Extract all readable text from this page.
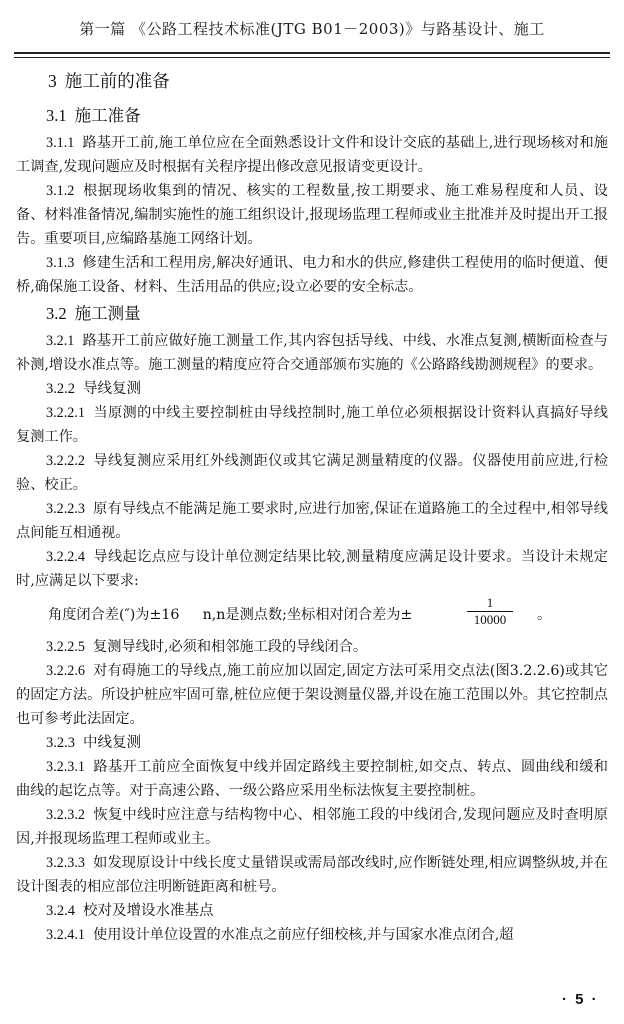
第一篇 《公路工程技术标准(JTG B01－2003)》与路基设计、施工
3 施工前的准备
3.1 施工准备

3.1.1 路基开工前,施工单位应在全面熟悉设计文件和设计交底的基础上,进行现场核对和施工调查,发现问题应及时根据有关程序提出修改意见报请变更设计。

3.1.2 根据现场收集到的情况、核实的工程数量,按工期要求、施工难易程度和人员、设备、材料准备情况,编制实施性的施工组织设计,报现场监理工程师或业主批准并及时提出开工报告。重要项目,应编路基施工网络计划。

3.1.3 修建生活和工程用房,解决好通讯、电力和水的供应,修建供工程使用的临时便道、便桥,确保施工设备、材料、生活用品的供应;设立必要的安全标志。

3.2 施工测量

3.2.1 路基开工前应做好施工测量工作,其内容包括导线、中线、水准点复测,横断面检查与补测,增设水准点等。施工测量的精度应符合交通部颁布实施的《公路路线勘测规程》的要求。

3.2.2 导线复测

3.2.2.1 当原测的中线主要控制桩由导线控制时,施工单位必须根据设计资料认真搞好导线复测工作。

3.2.2.2 导线复测应采用红外线测距仪或其它满足测量精度的仪器。仪器使用前应进,行检验、校正。

3.2.2.3 原有导线点不能满足施工要求时,应进行加密,保证在道路施工的全过程中,相邻导线点间能互相通视。

3.2.2.4 导线起讫点应与设计单位测定结果比较,测量精度应满足设计要求。当设计未规定时,应满足以下要求:

角度闭合差(″)为±16 　 n,n是测点数;坐标相对闭合差为±	$\frac{1}{10000}$ 。

3.2.2.5 复测导线时,必须和相邻施工段的导线闭合。

3.2.2.6 对有碍施工的导线点,施工前应加以固定,固定方法可采用交点法(图3.2.2.6)或其它的固定方法。所设护桩应牢固可靠,桩位应便于架设测量仪器,并设在施工范围以外。其它控制点也可参考此法固定。

3.2.3 中线复测

3.2.3.1 路基开工前应全面恢复中线并固定路线主要控制桩,如交点、转点、圆曲线和缓和曲线的起讫点等。对于高速公路、一级公路应采用坐标法恢复主要控制桩。

3.2.3.2 恢复中线时应注意与结构物中心、相邻施工段的中线闭合,发现问题应及时查明原因,并报现场监理工程师或业主。

3.2.3.3 如发现原设计中线长度丈量错误或需局部改线时,应作断链处理,相应调整纵坡,并在设计图表的相应部位注明断链距离和桩号。

3.2.4 校对及增设水准基点

3.2.4.1 使用设计单位设置的水准点之前应仔细校核,并与国家水准点闭合,超

· 5 ·
